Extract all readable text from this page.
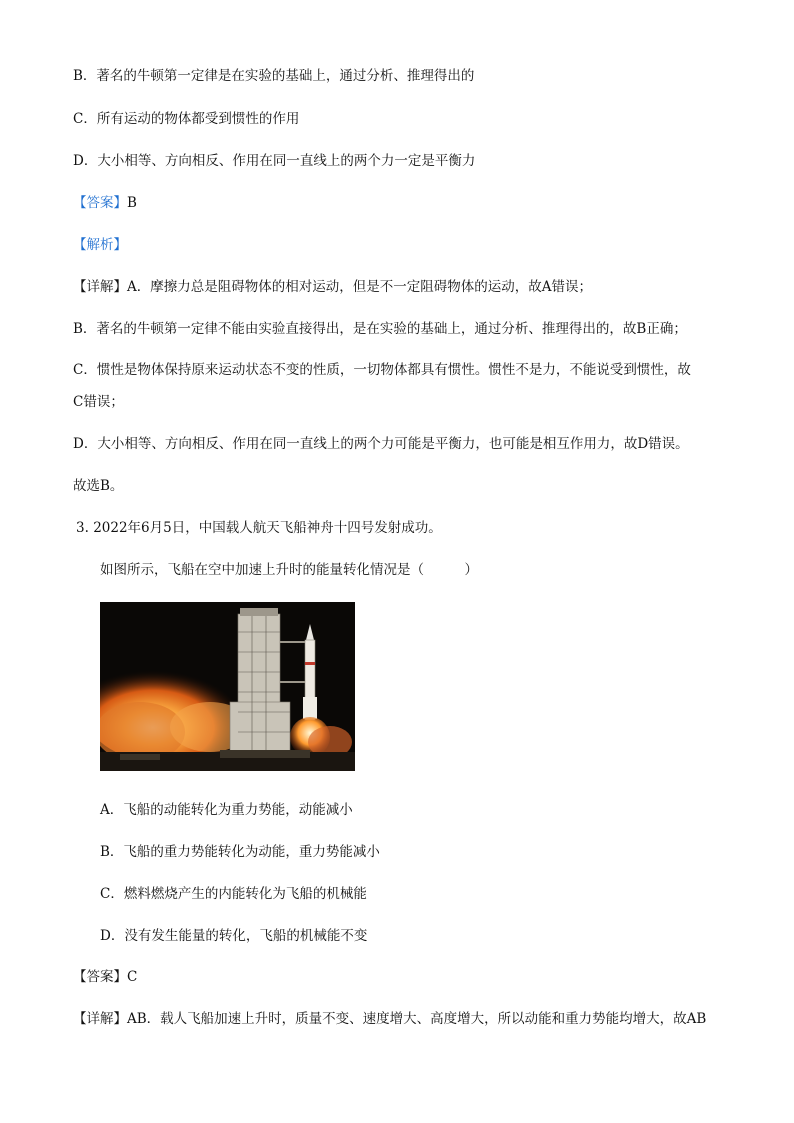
B．著名的牛顿第一定律是在实验的基础上，通过分析、推理得出的

C．所有运动的物体都受到惯性的作用

D．大小相等、方向相反、作用在同一直线上的两个力一定是平衡力

【答案】B

【解析】

【详解】A．摩擦力总是阻碍物体的相对运动，但是不一定阻碍物体的运动，故A错误；

B．著名的牛顿第一定律不能由实验直接得出，是在实验的基础上，通过分析、推理得出的，故B正确；

C．惯性是物体保持原来运动状态不变的性质，一切物体都具有惯性。惯性不是力，不能说受到惯性，故

C错误；

D．大小相等、方向相反、作用在同一直线上的两个力可能是平衡力，也可能是相互作用力，故D错误。

故选B。

3. 2022年6月5日，中国载人航天飞船神舟十四号发射成功。

如图所示，飞船在空中加速上升时的能量转化情况是（　　　）

A．飞船的动能转化为重力势能，动能减小

B．飞船的重力势能转化为动能，重力势能减小

C．燃料燃烧产生的内能转化为飞船的机械能

D．没有发生能量的转化，飞船的机械能不变

【答案】C

【详解】AB．载人飞船加速上升时，质量不变、速度增大、高度增大，所以动能和重力势能均增大，故AB
